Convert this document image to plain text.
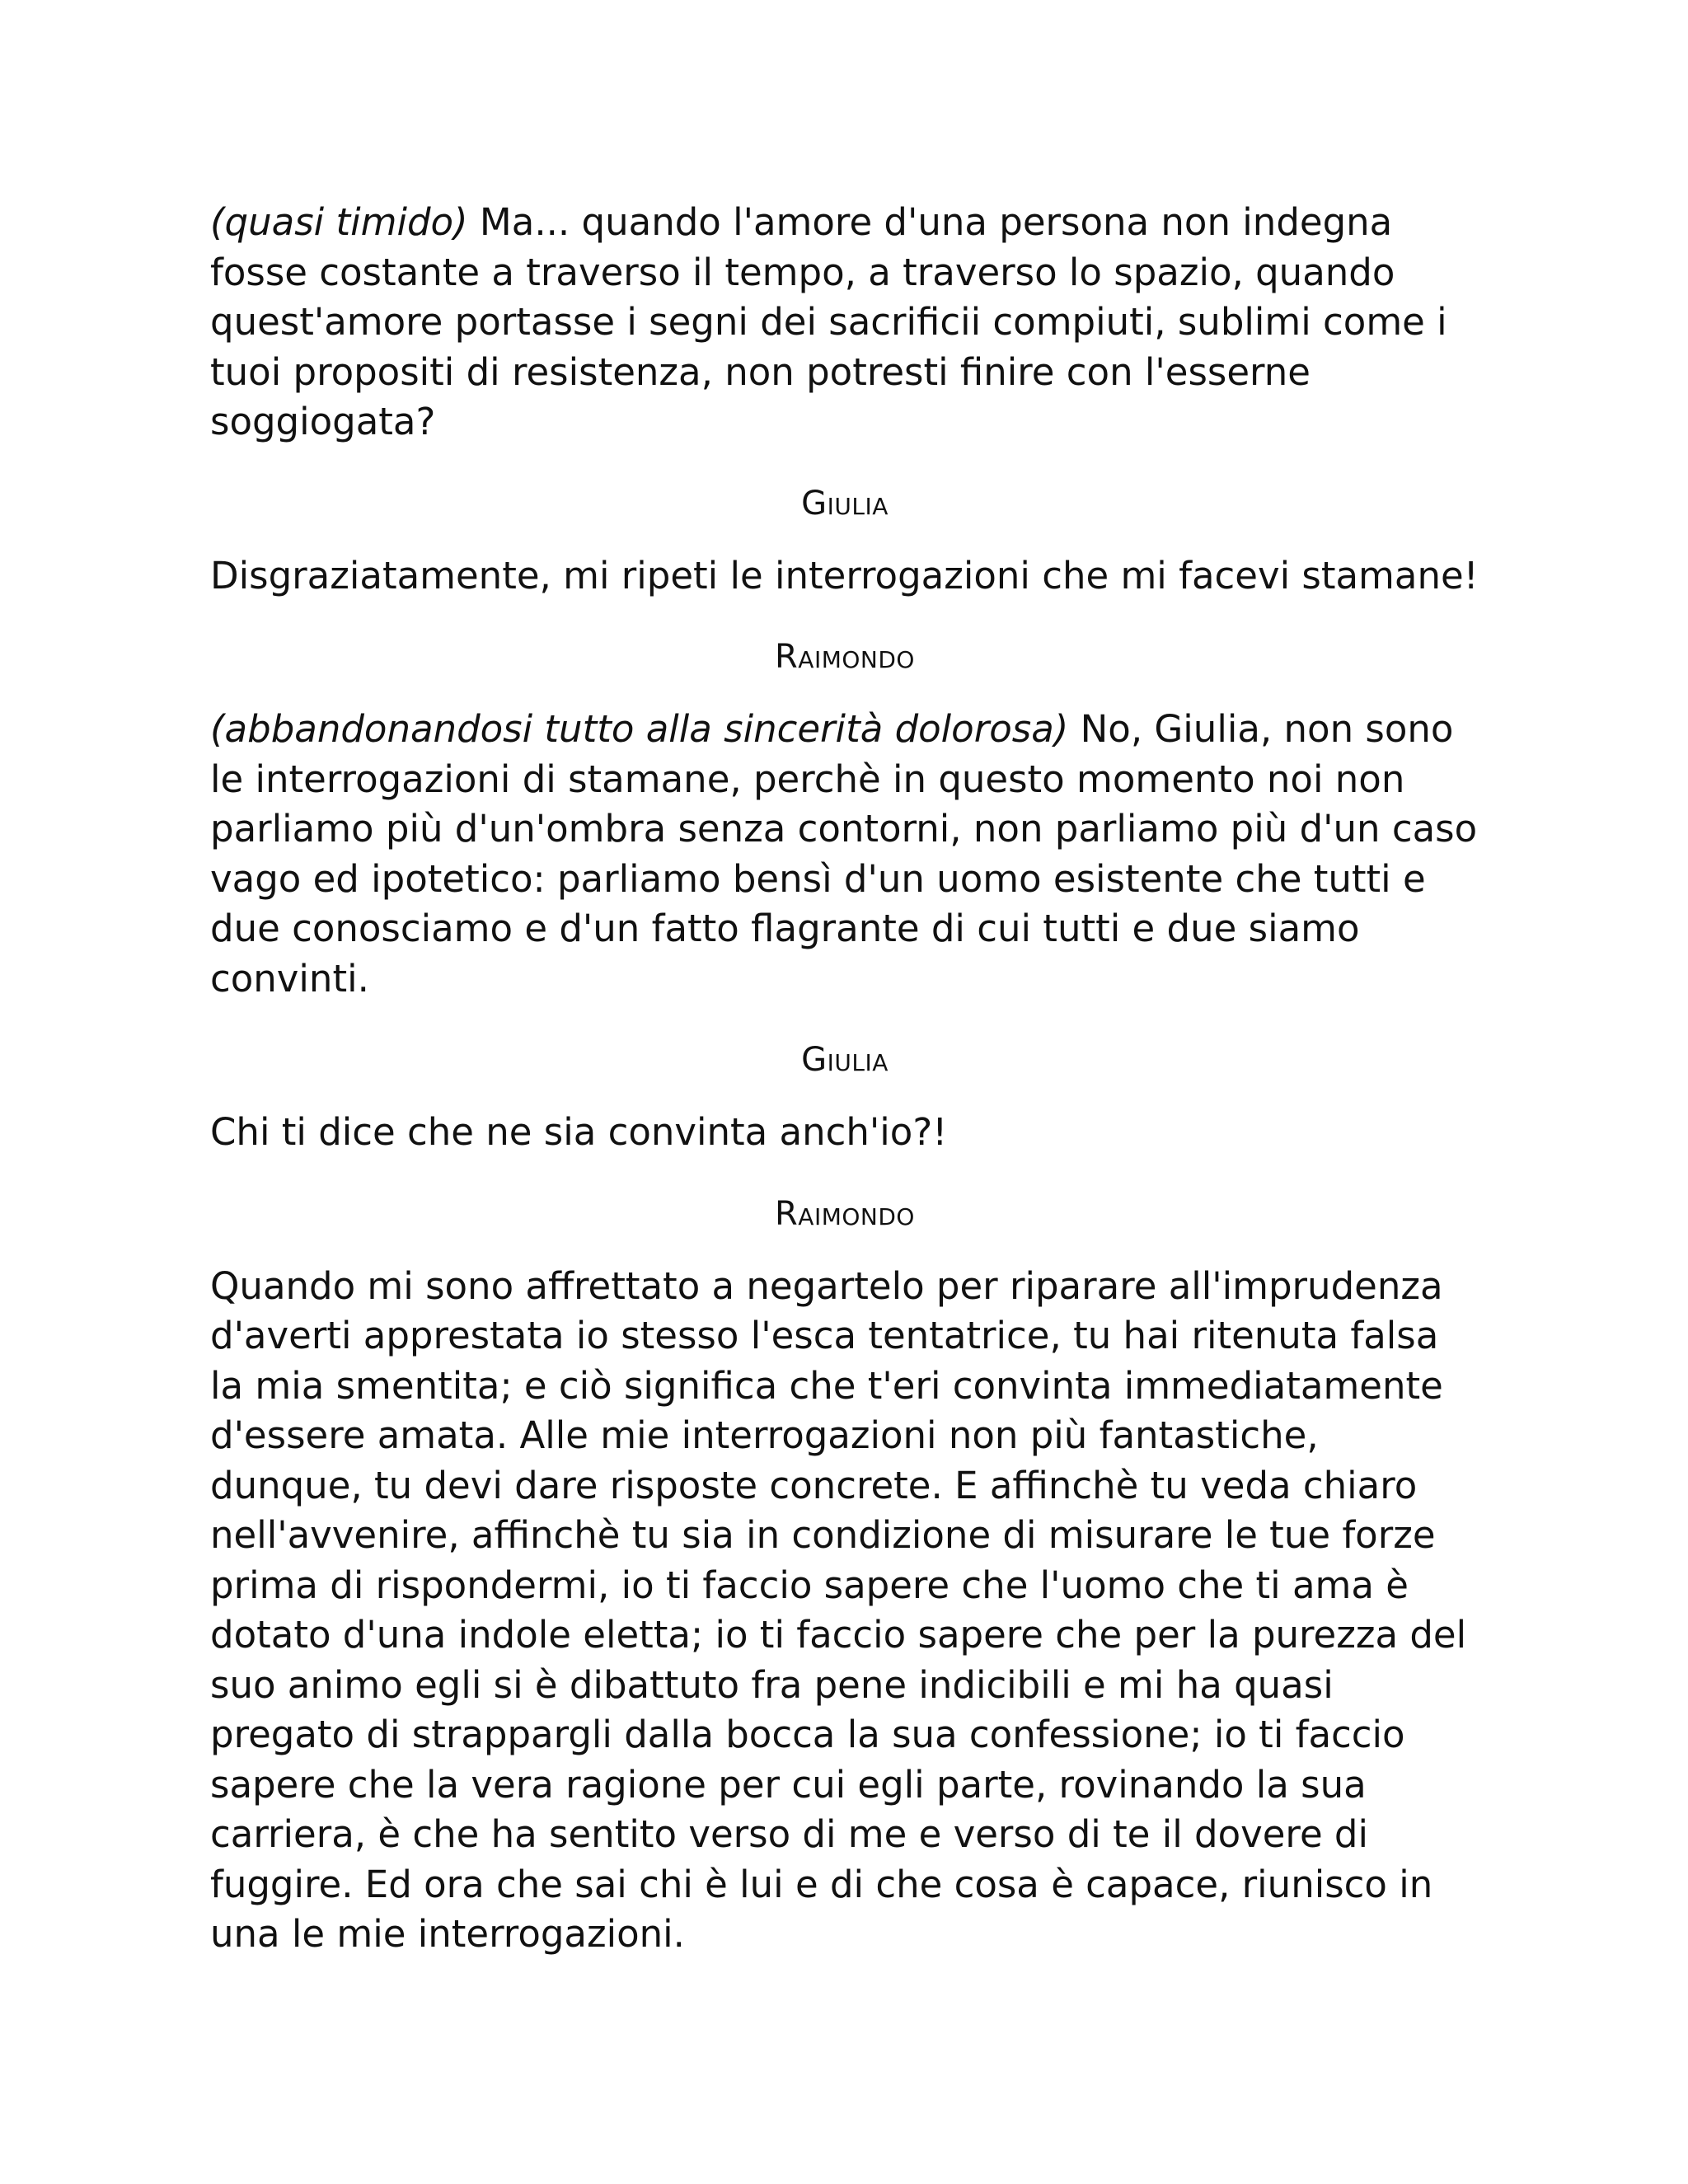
(quasi timido) Ma... quando l'amore d'una persona non indegna fosse costante a traverso il tempo, a traverso lo spazio, quando quest'amore portasse i segni dei sacrificii compiuti, sublimi come i tuoi propositi di resistenza, non potresti finire con l'esserne soggiogata?

Giulia

Disgraziatamente, mi ripeti le interrogazioni che mi facevi stamane!

Raimondo

(abbandonandosi tutto alla sincerità dolorosa) No, Giulia, non sono le interrogazioni di stamane, perchè in questo momento noi non parliamo più d'un'ombra senza contorni, non parliamo più d'un caso vago ed ipotetico: parliamo bensì d'un uomo esistente che tutti e due conosciamo e d'un fatto flagrante di cui tutti e due siamo convinti.

Giulia

Chi ti dice che ne sia convinta anch'io?!

Raimondo

Quando mi sono affrettato a negartelo per riparare all'imprudenza d'averti apprestata io stesso l'esca tentatrice, tu hai ritenuta falsa la mia smentita; e ciò significa che t'eri convinta immediatamente d'essere amata. Alle mie interrogazioni non più fantastiche, dunque, tu devi dare risposte concrete. E affinchè tu veda chiaro nell'avvenire, affinchè tu sia in condizione di misurare le tue forze prima di rispondermi, io ti faccio sapere che l'uomo che ti ama è dotato d'una indole eletta; io ti faccio sapere che per la purezza del suo animo egli si è dibattuto fra pene indicibili e mi ha quasi pregato di strappargli dalla bocca la sua confessione; io ti faccio sapere che la vera ragione per cui egli parte, rovinando la sua carriera, è che ha sentito verso di me e verso di te il dovere di fuggire. Ed ora che sai chi è lui e di che cosa è capace, riunisco in una le mie interrogazioni.
